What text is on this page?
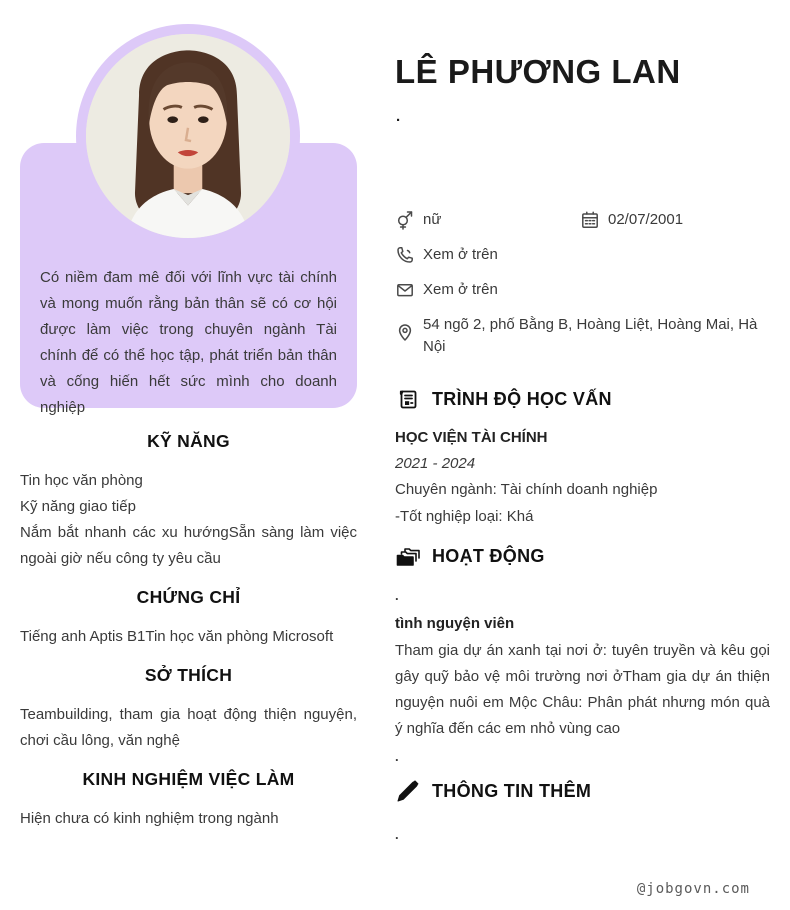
Có niềm đam mê đối với lĩnh vực tài chính và mong muốn rằng bản thân sẽ có cơ hội được làm việc trong chuyên ngành Tài chính để có thể học tập, phát triển bản thân và cống hiến hết sức mình cho doanh nghiệp
KỸ NĂNG
Tin học văn phòng
Kỹ năng giao tiếp
Nắm bắt nhanh các xu hướngSẵn sàng làm việc ngoài giờ nếu công ty yêu cầu
CHỨNG CHỈ
Tiếng anh Aptis B1Tin học văn phòng Microsoft
SỞ THÍCH
Teambuilding, tham gia hoạt động thiện nguyện, chơi cầu lông, văn nghệ
KINH NGHIỆM VIỆC LÀM
Hiện chưa có kinh nghiệm trong ngành
LÊ PHƯƠNG LAN
.
nữ	02/07/2001
Xem ở trên
Xem ở trên
54 ngõ 2, phố Bằng B, Hoàng Liệt, Hoàng Mai, Hà Nội
TRÌNH ĐỘ HỌC VẤN
HỌC VIỆN TÀI CHÍNH
2021 - 2024
Chuyên ngành: Tài chính doanh nghiệp
-Tốt nghiệp loại: Khá
HOẠT ĐỘNG
.
tình nguyện viên
Tham gia dự án xanh tại nơi ở: tuyên truyền và kêu gọi gây quỹ bảo vệ môi trường nơi ởTham gia dự án thiện nguyện nuôi em Mộc Châu: Phân phát nhưng món quà ý nghĩa đến các em nhỏ vùng cao
.
THÔNG TIN THÊM
.
@jobgovn.com
